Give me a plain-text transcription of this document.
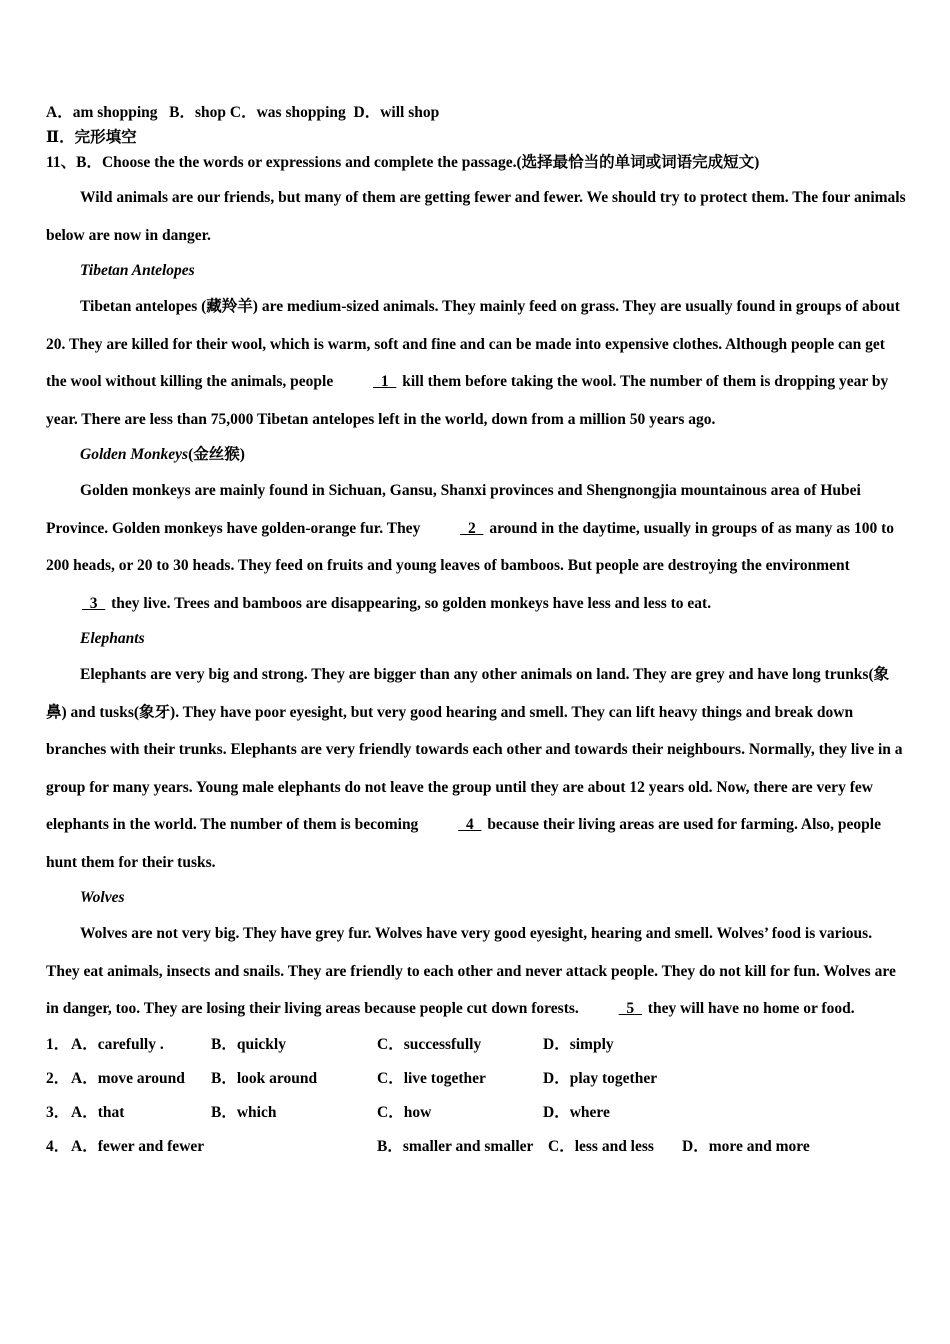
A．am shopping   B．shop C．was shopping  D．will shop
Ⅱ．完形填空
11、B．Choose the the words or expressions and complete the passage.(选择最恰当的单词或词语完成短文)

Wild animals are our friends, but many of them are getting fewer and fewer. We should try to protect them. The four animals below are now in danger.

Tibetan Antelopes

Tibetan antelopes (藏羚羊) are medium-sized animals. They mainly feed on grass. They are usually found in groups of about 20. They are killed for their wool, which is warm, soft and fine and can be made into expensive clothes. Although people can get the wool without killing the animals, people	1   kill them before taking the wool. The number of them is dropping year by year. There are less than 75,000 Tibetan antelopes left in the world, down from a million 50 years ago.

Golden Monkeys(金丝猴)

Golden monkeys are mainly found in Sichuan, Gansu, Shanxi provinces and Shengnongjia mountainous area of Hubei Province. Golden monkeys have golden-orange fur. They	2   around in the daytime, usually in groups of as many as 100 to 200 heads, or 20 to 30 heads. They feed on fruits and young leaves of bamboos. But people are destroying the environment   3   they live. Trees and bamboos are disappearing, so golden monkeys have less and less to eat.

Elephants

Elephants are very big and strong. They are bigger than any other animals on land. They are grey and have long trunks(象鼻) and tusks(象牙). They have poor eyesight, but very good hearing and smell. They can lift heavy things and break down branches with their trunks. Elephants are very friendly towards each other and towards their neighbours. Normally, they live in a group for many years. Young male elephants do not leave the group until they are about 12 years old. Now, there are very few elephants in the world. The number of them is becoming	4   because their living areas are used for farming. Also, people hunt them for their tusks.

Wolves

Wolves are not very big. They have grey fur. Wolves have very good eyesight, hearing and smell. Wolves’ food is various. They eat animals, insects and snails. They are friendly to each other and never attack people. They do not kill for fun. Wolves are in danger, too. They are losing their living areas because people cut down forests.	5   they will have no home or food.

1． A．carefully .	B．quickly	C．successfully	D．simply
2． A．move around B．look around	C．live together	D．play together
3． A．that	B．which	C．how	D．where
4． A．fewer and fewer	B．smaller and smaller C．less and less D．more and more
